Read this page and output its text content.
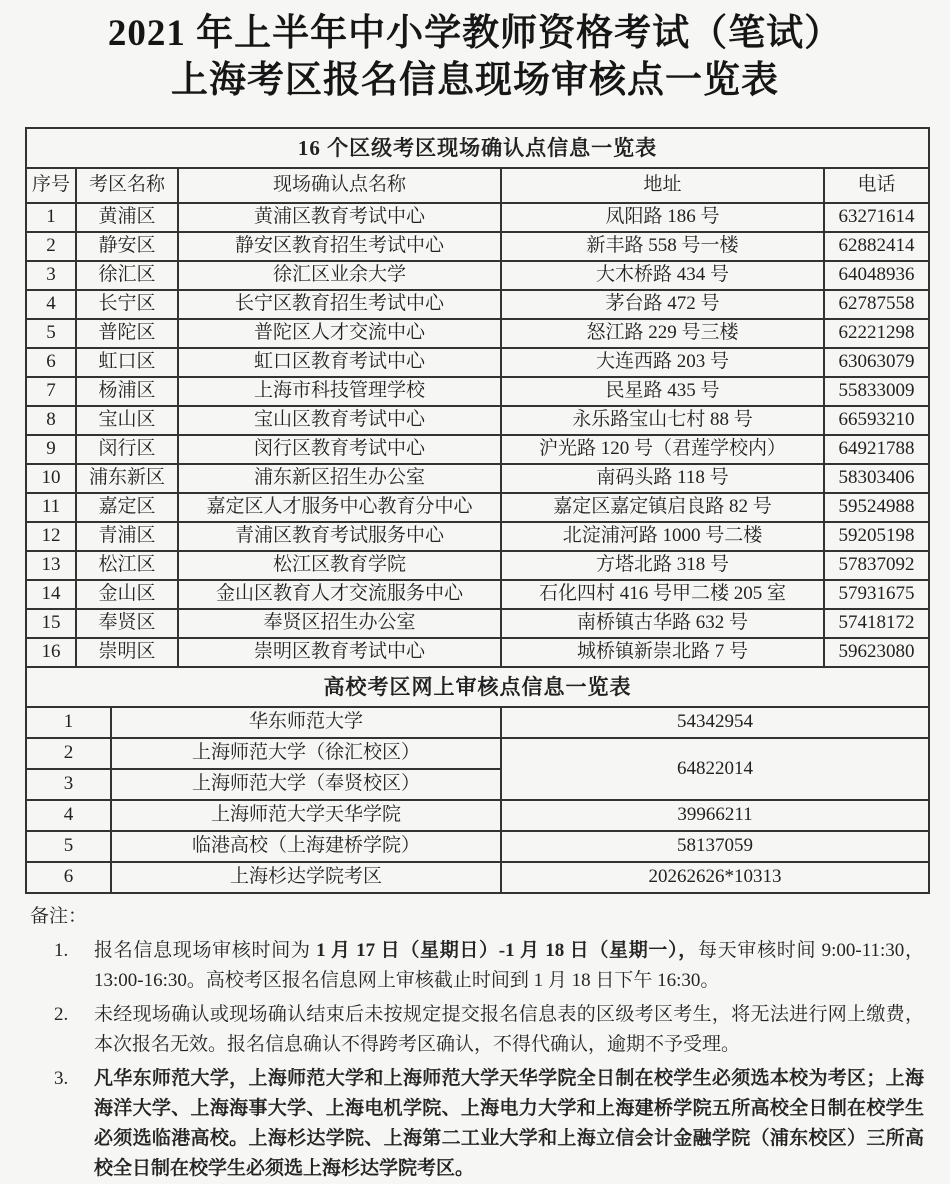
2021 年上半年中小学教师资格考试（笔试）
上海考区报名信息现场审核点一览表
16 个区级考区现场确认点信息一览表				
序号	考区名称	现场确认点名称	地址	电话
1	黄浦区	黄浦区教育考试中心	凤阳路 186 号	63271614
2	静安区	静安区教育招生考试中心	新丰路 558 号一楼	62882414
3	徐汇区	徐汇区业余大学	大木桥路 434 号	64048936
4	长宁区	长宁区教育招生考试中心	茅台路 472 号	62787558
5	普陀区	普陀区人才交流中心	怒江路 229 号三楼	62221298
6	虹口区	虹口区教育考试中心	大连西路 203 号	63063079
7	杨浦区	上海市科技管理学校	民星路 435 号	55833009
8	宝山区	宝山区教育考试中心	永乐路宝山七村 88 号	66593210
9	闵行区	闵行区教育考试中心	沪光路 120 号（君莲学校内）	64921788
10	浦东新区	浦东新区招生办公室	南码头路 118 号	58303406
11	嘉定区	嘉定区人才服务中心教育分中心	嘉定区嘉定镇启良路 82 号	59524988
12	青浦区	青浦区教育考试服务中心	北淀浦河路 1000 号二楼	59205198
13	松江区	松江区教育学院	方塔北路 318 号	57837092
14	金山区	金山区教育人才交流服务中心	石化四村 416 号甲二楼 205 室	57931675
15	奉贤区	奉贤区招生办公室	南桥镇古华路 632 号	57418172
16	崇明区	崇明区教育考试中心	城桥镇新崇北路 7 号	59623080
高校考区网上审核点信息一览表		
1	华东师范大学	54342954
2	上海师范大学（徐汇校区）	64822014
3	上海师范大学（奉贤校区）	
4	上海师范大学天华学院	39966211
5	临港高校（上海建桥学院）	58137059
6	上海杉达学院考区	20262626*10313
备注：
1.	报名信息现场审核时间为 1 月 17 日（星期日）-1 月 18 日（星期一），每天审核时间 9:00-11:30，13:00-16:30。高校考区报名信息网上审核截止时间到 1 月 18 日下午 16:30。
2.	未经现场确认或现场确认结束后未按规定提交报名信息表的区级考区考生，将无法进行网上缴费，本次报名无效。报名信息确认不得跨考区确认，不得代确认，逾期不予受理。
3.	凡华东师范大学，上海师范大学和上海师范大学天华学院全日制在校学生必须选本校为考区；上海海洋大学、上海海事大学、上海电机学院、上海电力大学和上海建桥学院五所高校全日制在校学生必须选临港高校。上海杉达学院、上海第二工业大学和上海立信会计金融学院（浦东校区）三所高校全日制在校学生必须选上海杉达学院考区。
